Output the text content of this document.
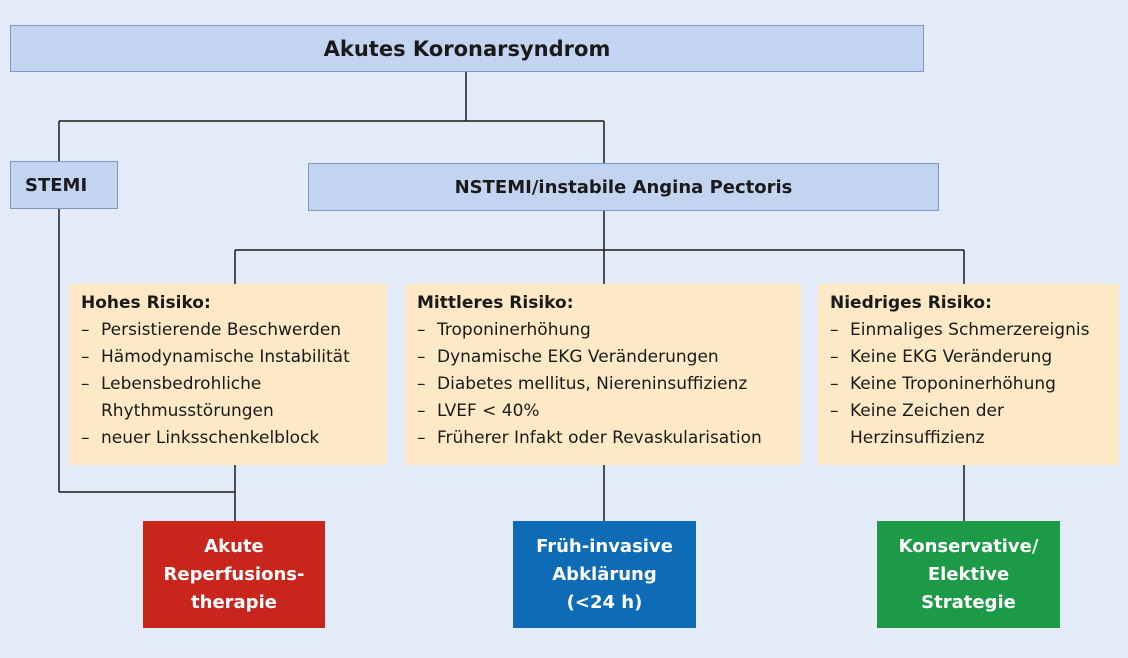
Akutes Koronarsyndrom
STEMI	NSTEMI/instabile Angina Pectoris
Hohes Risiko:
– Persistierende Beschwerden
– Hämodynamische Instabilität
– Lebensbedrohliche Rhythmusstörungen
– neuer Linksschenkelblock
Mittleres Risiko:
– Troponinerhöhung
– Dynamische EKG Veränderungen
– Diabetes mellitus, Niereninsuffizienz
– LVEF < 40%
– Früherer Infakt oder Revaskularisation
Niedriges Risiko:
– Einmaliges Schmerzereignis
– Keine EKG Veränderung
– Keine Troponinerhöhung
– Keine Zeichen der Herzinsuffizienz
Akute
Reperfusions-
therapie
Früh-invasive
Abklärung
(<24 h)
Konservative/
Elektive
Strategie
